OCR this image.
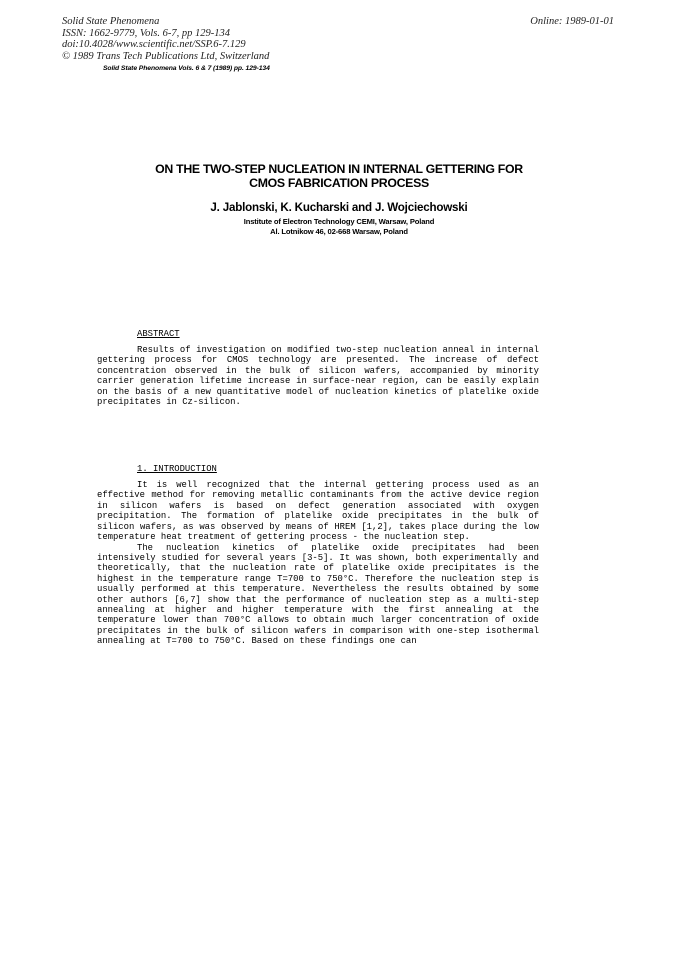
Solid State Phenomena
ISSN: 1662-9779, Vols. 6-7, pp 129-134
doi:10.4028/www.scientific.net/SSP.6-7.129
© 1989 Trans Tech Publications Ltd, Switzerland
Online: 1989-01-01
Solid State Phenomena Vols. 6 & 7 (1989) pp. 129-134
ON THE TWO-STEP NUCLEATION IN INTERNAL GETTERING FOR
CMOS FABRICATION PROCESS
J. Jablonski, K. Kucharski and J. Wojciechowski
Institute of Electron Technology CEMI, Warsaw, Poland
Al. Lotnikow 46, 02-668 Warsaw, Poland
ABSTRACT

Results of investigation on modified two-step nucleation anneal in internal gettering process for CMOS technology are presented. The increase of defect concentration observed in the bulk of silicon wafers, accompanied by minority carrier generation lifetime increase in surface-near region, can be easily explain on the basis of a new quantitative model of nucleation kinetics of platelike oxide precipitates in Cz-silicon.

1. INTRODUCTION

It is well recognized that the internal gettering process used as an effective method for removing metallic contaminants from the active device region in silicon wafers is based on defect generation associated with oxygen precipitation. The formation of platelike oxide precipitates in the bulk of silicon wafers, as was observed by means of HREM [1,2], takes place during the low temperature heat treatment of gettering process - the nucleation step.

The nucleation kinetics of platelike oxide precipitates had been intensively studied for several years [3-5]. It was shown, both experimentally and theoretically, that the nucleation rate of platelike oxide precipitates is the highest in the temperature range T=700 to 750°C. Therefore the nucleation step is usually performed at this temperature. Nevertheless the results obtained by some other authors [6,7] show that the performance of nucleation step as a multi-step annealing at higher and higher temperature with the first annealing at the temperature lower than 700°C allows to obtain much larger concentration of oxide precipitates in the bulk of silicon wafers in comparison with one-step isothermal annealing at T=700 to 750°C. Based on these findings one can
